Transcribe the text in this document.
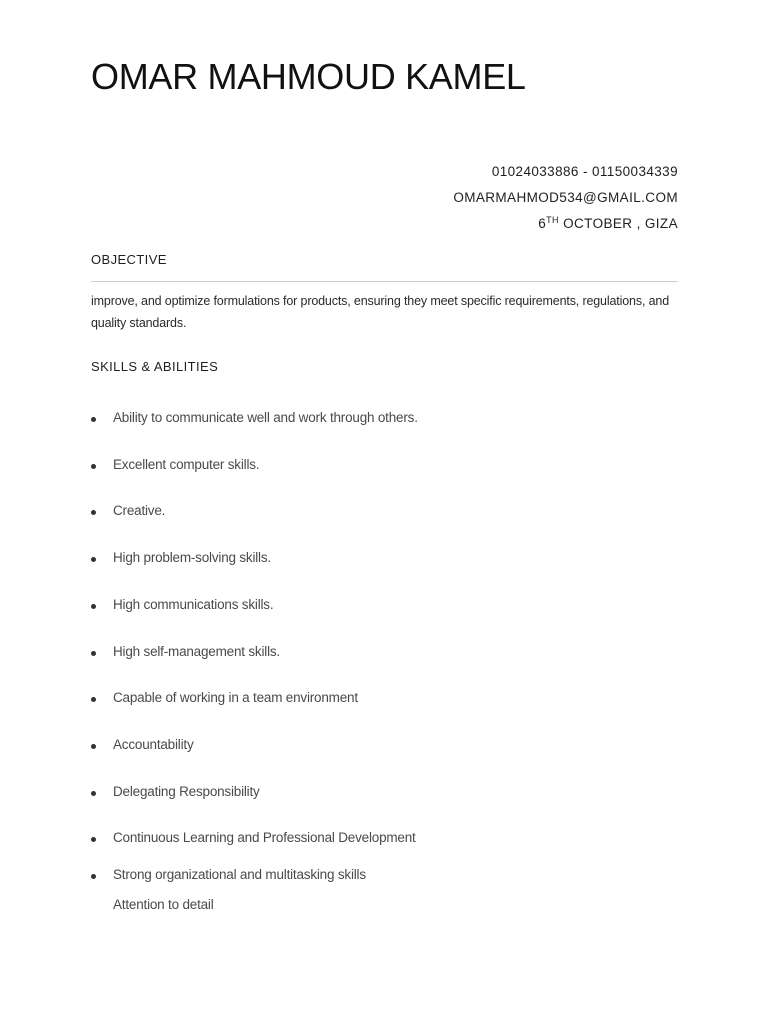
OMAR MAHMOUD KAMEL
01024033886 - 01150034339
OMARMAHMOD534@GMAIL.COM
6TH OCTOBER , GIZA
OBJECTIVE
improve, and optimize formulations for products, ensuring they meet specific requirements, regulations, and quality standards.
SKILLS & ABILITIES
Ability to communicate well and work through others.
Excellent computer skills.
Creative.
High problem-solving skills.
High communications skills.
High self-management skills.
Capable of working in a team environment
Accountability
Delegating Responsibility
Continuous Learning and Professional Development
Strong organizational and multitasking skills
Attention to detail
